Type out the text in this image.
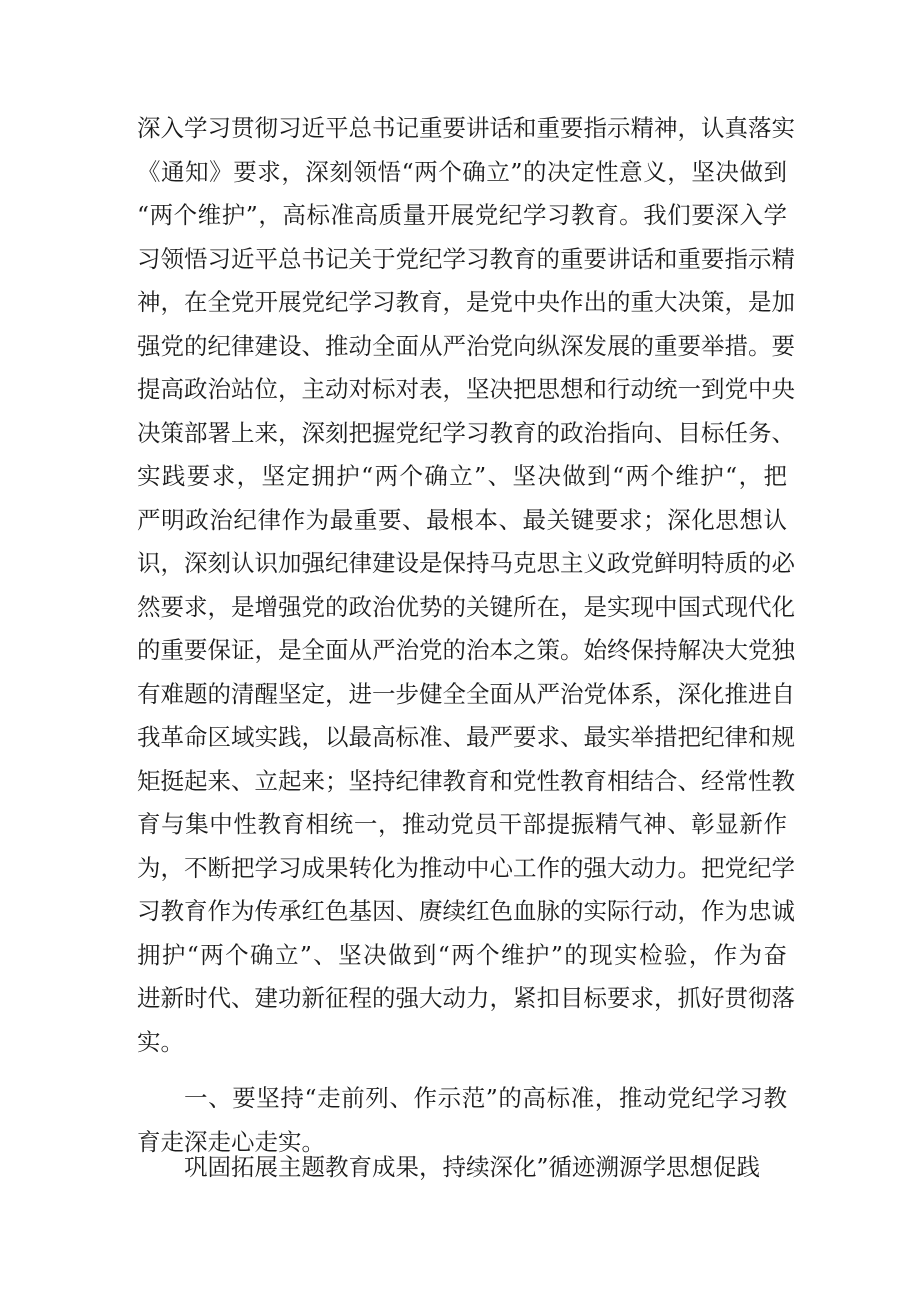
深入学习贯彻习近平总书记重要讲话和重要指示精神，认真落实
《通知》要求，深刻领悟“两个确立”的决定性意义，坚决做到
“两个维护”，高标准高质量开展党纪学习教育。我们要深入学
习领悟习近平总书记关于党纪学习教育的重要讲话和重要指示精
神，在全党开展党纪学习教育，是党中央作出的重大决策，是加
强党的纪律建设、推动全面从严治党向纵深发展的重要举措。要
提高政治站位，主动对标对表，坚决把思想和行动统一到党中央
决策部署上来，深刻把握党纪学习教育的政治指向、目标任务、
实践要求，坚定拥护“两个确立”、坚决做到“两个维护“，把
严明政治纪律作为最重要、最根本、最关键要求；深化思想认
识，深刻认识加强纪律建设是保持马克思主义政党鲜明特质的必
然要求，是增强党的政治优势的关键所在，是实现中国式现代化
的重要保证，是全面从严治党的治本之策。始终保持解决大党独
有难题的清醒坚定，进一步健全全面从严治党体系，深化推进自
我革命区域实践，以最高标准、最严要求、最实举措把纪律和规
矩挺起来、立起来；坚持纪律教育和党性教育相结合、经常性教
育与集中性教育相统一，推动党员干部提振精气神、彰显新作
为，不断把学习成果转化为推动中心工作的强大动力。把党纪学
习教育作为传承红色基因、赓续红色血脉的实际行动，作为忠诚
拥护“两个确立”、坚决做到“两个维护”的现实检验，作为奋
进新时代、建功新征程的强大动力，紧扣目标要求，抓好贯彻落
实。
一、要坚持“走前列、作示范”的高标准，推动党纪学习教
育走深走心走实。
巩固拓展主题教育成果，持续深化”循迹溯源学思想促践
